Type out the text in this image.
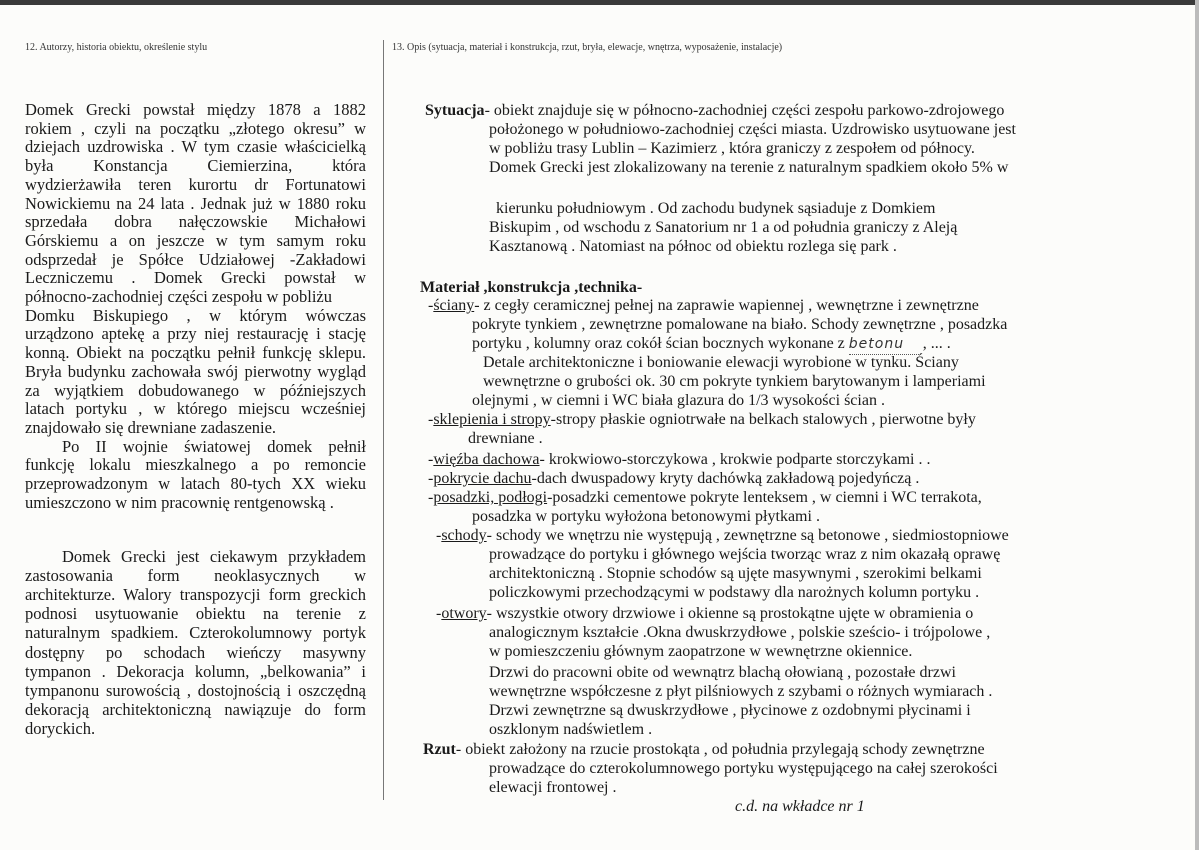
12. Autorzy, historia obiektu, określenie stylu	13. Opis (sytuacja, materiał i konstrukcja, rzut, bryła, elewacje, wnętrza, wyposażenie, instalacje)
Domek Grecki powstał między 1878 a 1882
rokiem , czyli na początku „złotego okresu” w
dziejach uzdrowiska . W tym czasie właścicielką
była Konstancja Ciemierzina, która
wydzierżawiła teren kurortu dr Fortunatowi
Nowickiemu na 24 lata . Jednak już w 1880 roku
sprzedała dobra nałęczowskie Michałowi
Górskiemu a on jeszcze w tym samym roku
odsprzedał je Spółce Udziałowej -Zakładowi
Leczniczemu . Domek Grecki powstał w
północno-zachodniej części zespołu w pobliżu
Domku Biskupiego , w którym wówczas
urządzono aptekę a przy niej restaurację i stację
konną. Obiekt na początku pełnił funkcję sklepu.
Bryła budynku zachowała swój pierwotny wygląd
za wyjątkiem dobudowanego w późniejszych
latach portyku , w którego miejscu wcześniej
znajdowało się drewniane zadaszenie.
Po II wojnie światowej domek pełnił
funkcję lokalu mieszkalnego a po remoncie
przeprowadzonym w latach 80-tych XX wieku
umieszczono w nim pracownię rentgenowską .
Domek Grecki jest ciekawym przykładem
zastosowania form neoklasycznych w
architekturze. Walory transpozycji form greckich
podnosi usytuowanie obiektu na terenie z
naturalnym spadkiem. Czterokolumnowy portyk
dostępny po schodach wieńczy masywny
tympanon . Dekoracja kolumn, „belkowania” i
tympanonu surowością , dostojnością i oszczędną
dekoracją architektoniczną nawiązuje do form
doryckich.
Sytuacja- obiekt znajduje się w północno-zachodniej części zespołu parkowo-zdrojowego
położonego w południowo-zachodniej części miasta. Uzdrowisko usytuowane jest
w pobliżu trasy Lublin – Kazimierz , która graniczy z zespołem od północy.
Domek Grecki jest zlokalizowany na terenie z naturalnym spadkiem około 5% w
kierunku południowym . Od zachodu budynek sąsiaduje z Domkiem
Biskupim , od wschodu z Sanatorium nr 1 a od południa graniczy z Aleją
Kasztanową . Natomiast na północ od obiektu rozlega się park .
Materiał ,konstrukcja ,technika-
-ściany- z cegły ceramicznej pełnej na zaprawie wapiennej , wewnętrzne i zewnętrzne
pokryte tynkiem , zewnętrzne pomalowane na biało. Schody zewnętrzne , posadzka
portyku , kolumny oraz cokół ścian bocznych wykonane z betonu , ... .
Detale architektoniczne i boniowanie elewacji wyrobione w tynku. Ściany
wewnętrzne o grubości ok. 30 cm pokryte tynkiem barytowanym i lamperiami
olejnymi , w ciemni i WC biała glazura do 1/3 wysokości ścian .
-sklepienia i stropy-stropy płaskie ogniotrwałe na belkach stalowych , pierwotne były
drewniane .
-więźba dachowa- krokwiowo-storczykowa , krokwie podparte storczykami . .
-pokrycie dachu-dach dwuspadowy kryty dachówką zakładową pojedyńczą .
-posadzki, podłogi-posadzki cementowe pokryte lenteksem , w ciemni i WC terrakota,
posadzka w portyku wyłożona betonowymi płytkami .
-schody- schody we wnętrzu nie występują , zewnętrzne są betonowe , siedmiostopniowe
prowadzące do portyku i głównego wejścia tworząc wraz z nim okazałą oprawę
architektoniczną . Stopnie schodów są ujęte masywnymi , szerokimi belkami
policzkowymi przechodzącymi w podstawy dla narożnych kolumn portyku .
-otwory- wszystkie otwory drzwiowe i okienne są prostokątne ujęte w obramienia o
analogicznym kształcie .Okna dwuskrzydłowe , polskie sześcio- i trójpolowe ,
w pomieszczeniu głównym zaopatrzone w wewnętrzne okiennice.
Drzwi do pracowni obite od wewnątrz blachą ołowianą , pozostałe drzwi
wewnętrzne współczesne z płyt pilśniowych z szybami o różnych wymiarach .
Drzwi zewnętrzne są dwuskrzydłowe , płycinowe z ozdobnymi płycinami i
oszklonym nadświetlem .
Rzut- obiekt założony na rzucie prostokąta , od południa przylegają schody zewnętrzne
prowadzące do czterokolumnowego portyku występującego na całej szerokości
elewacji frontowej .
c.d. na wkładce nr 1
